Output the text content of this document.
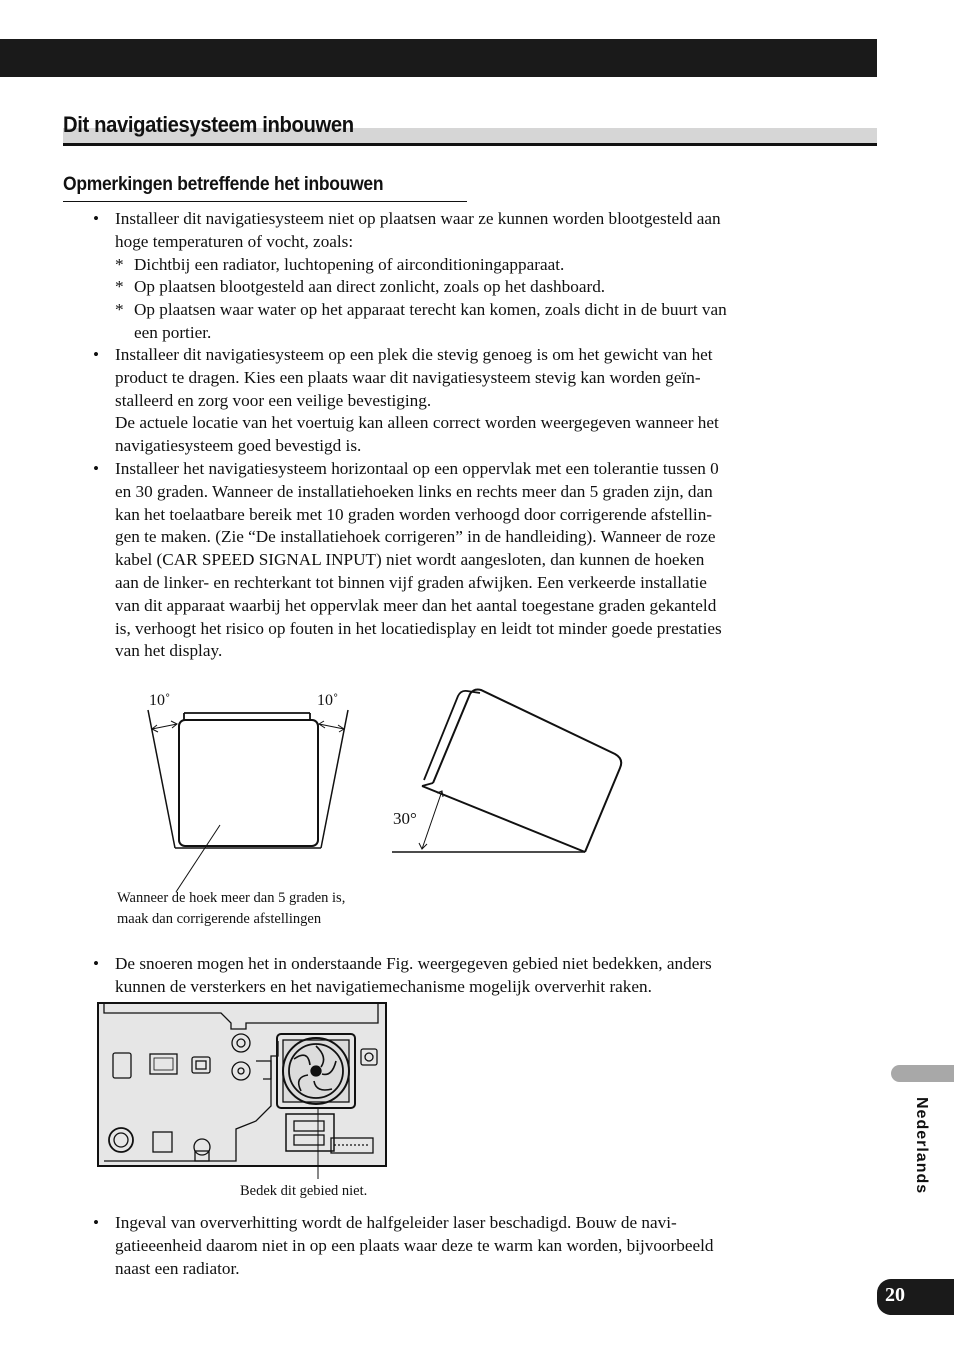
Dit navigatiesysteem inbouwen
Opmerkingen betreffende het inbouwen
• Installeer dit navigatiesysteem niet op plaatsen waar ze kunnen worden blootgesteld aan
hoge temperaturen of vocht, zoals:
* Dichtbij een radiator, luchtopening of airconditioningapparaat.
* Op plaatsen blootgesteld aan direct zonlicht, zoals op het dashboard.
* Op plaatsen waar water op het apparaat terecht kan komen, zoals dicht in de buurt van
een portier.
• Installeer dit navigatiesysteem op een plek die stevig genoeg is om het gewicht van het
product te dragen. Kies een plaats waar dit navigatiesysteem stevig kan worden geïn-
stalleerd en zorg voor een veilige bevestiging.
De actuele locatie van het voertuig kan alleen correct worden weergegeven wanneer het
navigatiesysteem goed bevestigd is.
• Installeer het navigatiesysteem horizontaal op een oppervlak met een tolerantie tussen 0
en 30 graden. Wanneer de installatiehoeken links en rechts meer dan 5 graden zijn, dan
kan het toelaatbare bereik met 10 graden worden verhoogd door corrigerende afstellin-
gen te maken. (Zie “De installatiehoek corrigeren” in de handleiding). Wanneer de roze
kabel (CAR SPEED SIGNAL INPUT) niet wordt aangesloten, dan kunnen de hoeken
aan de linker- en rechterkant tot binnen vijf graden afwijken. Een verkeerde installatie
van dit apparaat waarbij het oppervlak meer dan het aantal toegestane graden gekanteld
is, verhoogt het risico op fouten in het locatiedisplay en leidt tot minder goede prestaties
van het display.
10˚	10˚
30°
Wanneer de hoek meer dan 5 graden is,
maak dan corrigerende afstellingen
• De snoeren mogen het in onderstaande Fig. weergegeven gebied niet bedekken, anders
kunnen de versterkers en het navigatiemechanisme mogelijk oververhit raken.
Bedek dit gebied niet.
• Ingeval van oververhitting wordt de halfgeleider laser beschadigd. Bouw de navi-
gatieeenheid daarom niet in op een plaats waar deze te warm kan worden, bijvoorbeeld
naast een radiator.
Nederlands
20
